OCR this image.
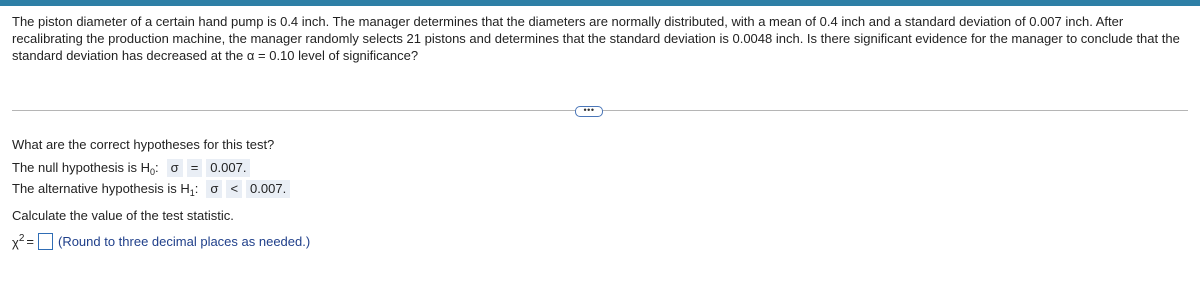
The piston diameter of a certain hand pump is 0.4 inch. The manager determines that the diameters are normally distributed, with a mean of 0.4 inch and a standard deviation of 0.007 inch. After recalibrating the production machine, the manager randomly selects 21 pistons and determines that the standard deviation is 0.0048 inch. Is there significant evidence for the manager to conclude that the standard deviation has decreased at the α = 0.10 level of significance?
•••
What are the correct hypotheses for this test?
The null hypothesis is $H_0$: σ = 0.007.
The alternative hypothesis is $H_1$: σ < 0.007.
Calculate the value of the test statistic.
$\chi^2$ = (Round to three decimal places as needed.)
